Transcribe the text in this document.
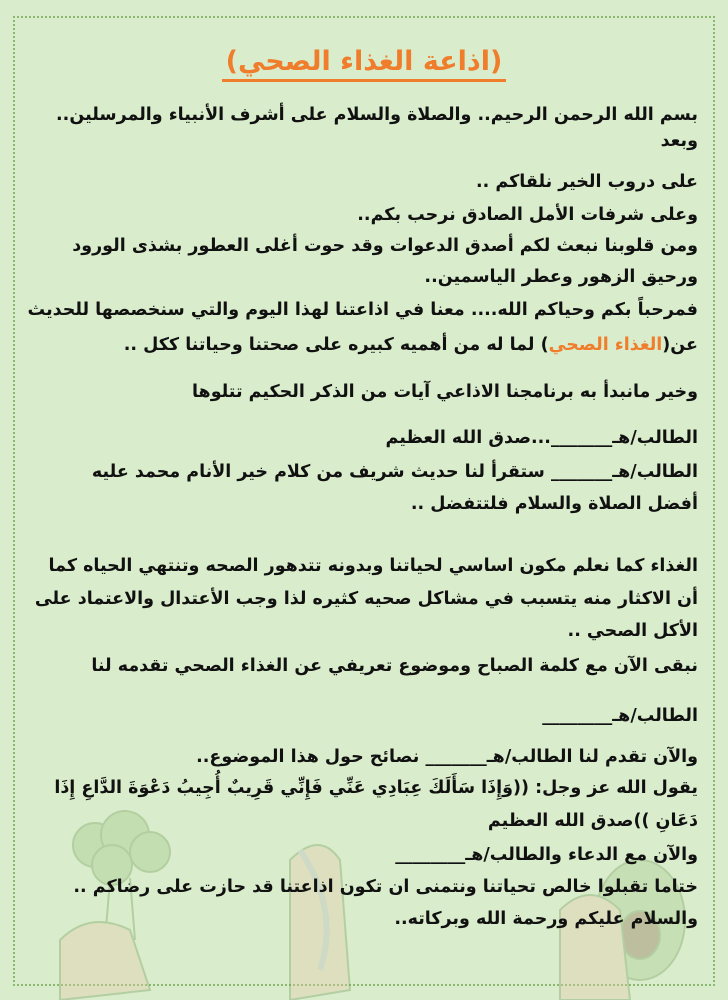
(اذاعة الغذاء الصحي)
بسم الله الرحمن الرحيم.. والصلاة والسلام على أشرف الأنبياء والمرسلين..
وبعد
على دروب الخير نلقاكم ..
وعلى شرفات الأمل الصادق نرحب بكم..
ومن قلوبنا نبعث لكم أصدق الدعوات وقد حوت أغلى العطور بشذى الورود
ورحيق الزهور وعطر الياسمين..
فمرحباً بكم وحياكم الله.... معنا في اذاعتنا لهذا اليوم والتي سنخصصها للحديث
عن(الغذاء الصحي) لما له من أهميه كبيره على صحتنا وحياتنا ككل ..
وخير مانبدأ به برنامجنا الاذاعي آيات من الذكر الحكيم تتلوها
الطالب/هـ_______...صدق الله العظيم
الطالب/هـ_______ ستقرأ لنا حديث شريف من كلام خير الأنام محمد عليه
أفضل الصلاة والسلام فلتتفضل ..
الغذاء كما نعلم مكون اساسي لحياتنا وبدونه تتدهور الصحه وتنتهي الحياه كما
أن الاكثار منه يتسبب في مشاكل صحيه كثيره لذا وجب الأعتدال والاعتماد على
الأكل الصحي ..
نبقى الآن مع كلمة الصباح وموضوع تعريفي عن الغذاء الصحي تقدمه لنا
الطالب/هـ________
والآن تقدم لنا الطالب/هـ_______ نصائح حول هذا الموضوع..
يقول الله عز وجل: ((وَإِذَا سَأَلَكَ عِبَادِي عَنِّي فَإِنِّي قَرِيبٌ أُجِيبُ دَعْوَةَ الدَّاعِ إِذَا
دَعَانِ ))صدق الله العظيم
والآن مع الدعاء والطالب/هـ________
ختاما تقبلوا خالص تحياتنا ونتمنى ان تكون اذاعتنا قد حازت على رضاكم ..
والسلام عليكم ورحمة الله وبركاته..
